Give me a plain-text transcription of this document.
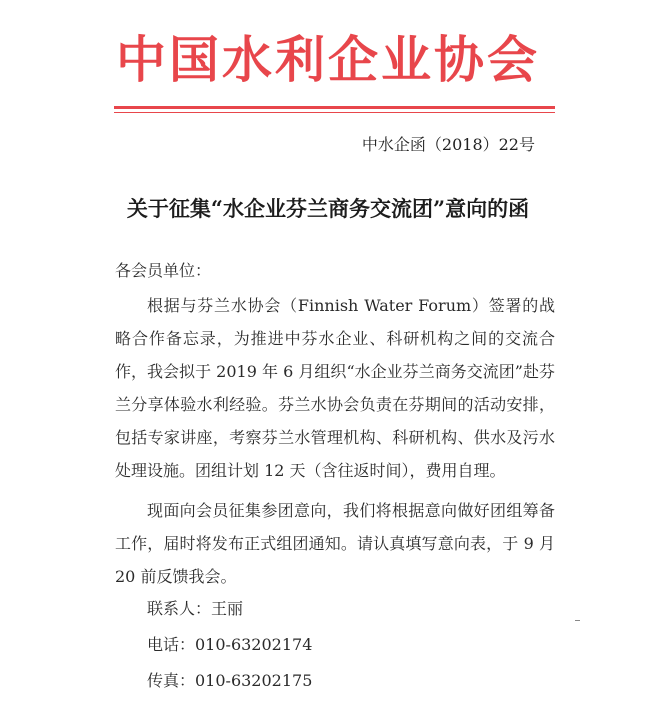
中国水利企业协会
中水企函（2018）22号
关于征集“水企业芬兰商务交流团”意向的函
各会员单位：

根据与芬兰水协会（Finnish Water Forum）签署的战略合作备忘录，为推进中芬水企业、科研机构之间的交流合作，我会拟于 2019 年 6 月组织“水企业芬兰商务交流团”赴芬兰分享体验水利经验。芬兰水协会负责在芬期间的活动安排，包括专家讲座，考察芬兰水管理机构、科研机构、供水及污水处理设施。团组计划 12 天（含往返时间），费用自理。

现面向会员征集参团意向，我们将根据意向做好团组筹备工作，届时将发布正式组团通知。请认真填写意向表，于 9 月 20 前反馈我会。

联系人：王丽
电话：010-63202174
传真：010-63202175
